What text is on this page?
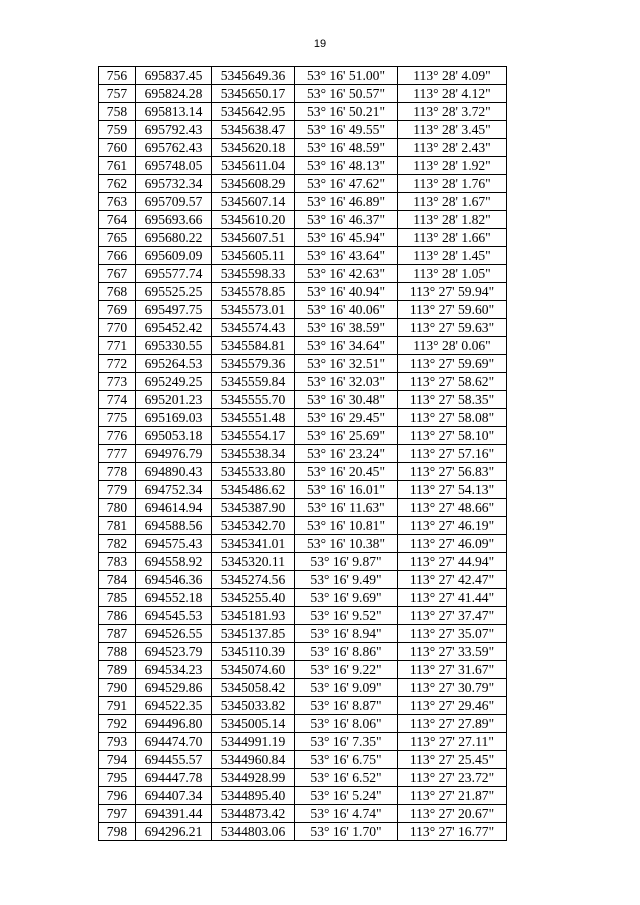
19
756	695837.45	5345649.36	53° 16' 51.00"	113° 28' 4.09"
757	695824.28	5345650.17	53° 16' 50.57"	113° 28' 4.12"
758	695813.14	5345642.95	53° 16' 50.21"	113° 28' 3.72"
759	695792.43	5345638.47	53° 16' 49.55"	113° 28' 3.45"
760	695762.43	5345620.18	53° 16' 48.59"	113° 28' 2.43"
761	695748.05	5345611.04	53° 16' 48.13"	113° 28' 1.92"
762	695732.34	5345608.29	53° 16' 47.62"	113° 28' 1.76"
763	695709.57	5345607.14	53° 16' 46.89"	113° 28' 1.67"
764	695693.66	5345610.20	53° 16' 46.37"	113° 28' 1.82"
765	695680.22	5345607.51	53° 16' 45.94"	113° 28' 1.66"
766	695609.09	5345605.11	53° 16' 43.64"	113° 28' 1.45"
767	695577.74	5345598.33	53° 16' 42.63"	113° 28' 1.05"
768	695525.25	5345578.85	53° 16' 40.94"	113° 27' 59.94"
769	695497.75	5345573.01	53° 16' 40.06"	113° 27' 59.60"
770	695452.42	5345574.43	53° 16' 38.59"	113° 27' 59.63"
771	695330.55	5345584.81	53° 16' 34.64"	113° 28' 0.06"
772	695264.53	5345579.36	53° 16' 32.51"	113° 27' 59.69"
773	695249.25	5345559.84	53° 16' 32.03"	113° 27' 58.62"
774	695201.23	5345555.70	53° 16' 30.48"	113° 27' 58.35"
775	695169.03	5345551.48	53° 16' 29.45"	113° 27' 58.08"
776	695053.18	5345554.17	53° 16' 25.69"	113° 27' 58.10"
777	694976.79	5345538.34	53° 16' 23.24"	113° 27' 57.16"
778	694890.43	5345533.80	53° 16' 20.45"	113° 27' 56.83"
779	694752.34	5345486.62	53° 16' 16.01"	113° 27' 54.13"
780	694614.94	5345387.90	53° 16' 11.63"	113° 27' 48.66"
781	694588.56	5345342.70	53° 16' 10.81"	113° 27' 46.19"
782	694575.43	5345341.01	53° 16' 10.38"	113° 27' 46.09"
783	694558.92	5345320.11	53° 16' 9.87"	113° 27' 44.94"
784	694546.36	5345274.56	53° 16' 9.49"	113° 27' 42.47"
785	694552.18	5345255.40	53° 16' 9.69"	113° 27' 41.44"
786	694545.53	5345181.93	53° 16' 9.52"	113° 27' 37.47"
787	694526.55	5345137.85	53° 16' 8.94"	113° 27' 35.07"
788	694523.79	5345110.39	53° 16' 8.86"	113° 27' 33.59"
789	694534.23	5345074.60	53° 16' 9.22"	113° 27' 31.67"
790	694529.86	5345058.42	53° 16' 9.09"	113° 27' 30.79"
791	694522.35	5345033.82	53° 16' 8.87"	113° 27' 29.46"
792	694496.80	5345005.14	53° 16' 8.06"	113° 27' 27.89"
793	694474.70	5344991.19	53° 16' 7.35"	113° 27' 27.11"
794	694455.57	5344960.84	53° 16' 6.75"	113° 27' 25.45"
795	694447.78	5344928.99	53° 16' 6.52"	113° 27' 23.72"
796	694407.34	5344895.40	53° 16' 5.24"	113° 27' 21.87"
797	694391.44	5344873.42	53° 16' 4.74"	113° 27' 20.67"
798	694296.21	5344803.06	53° 16' 1.70"	113° 27' 16.77"
